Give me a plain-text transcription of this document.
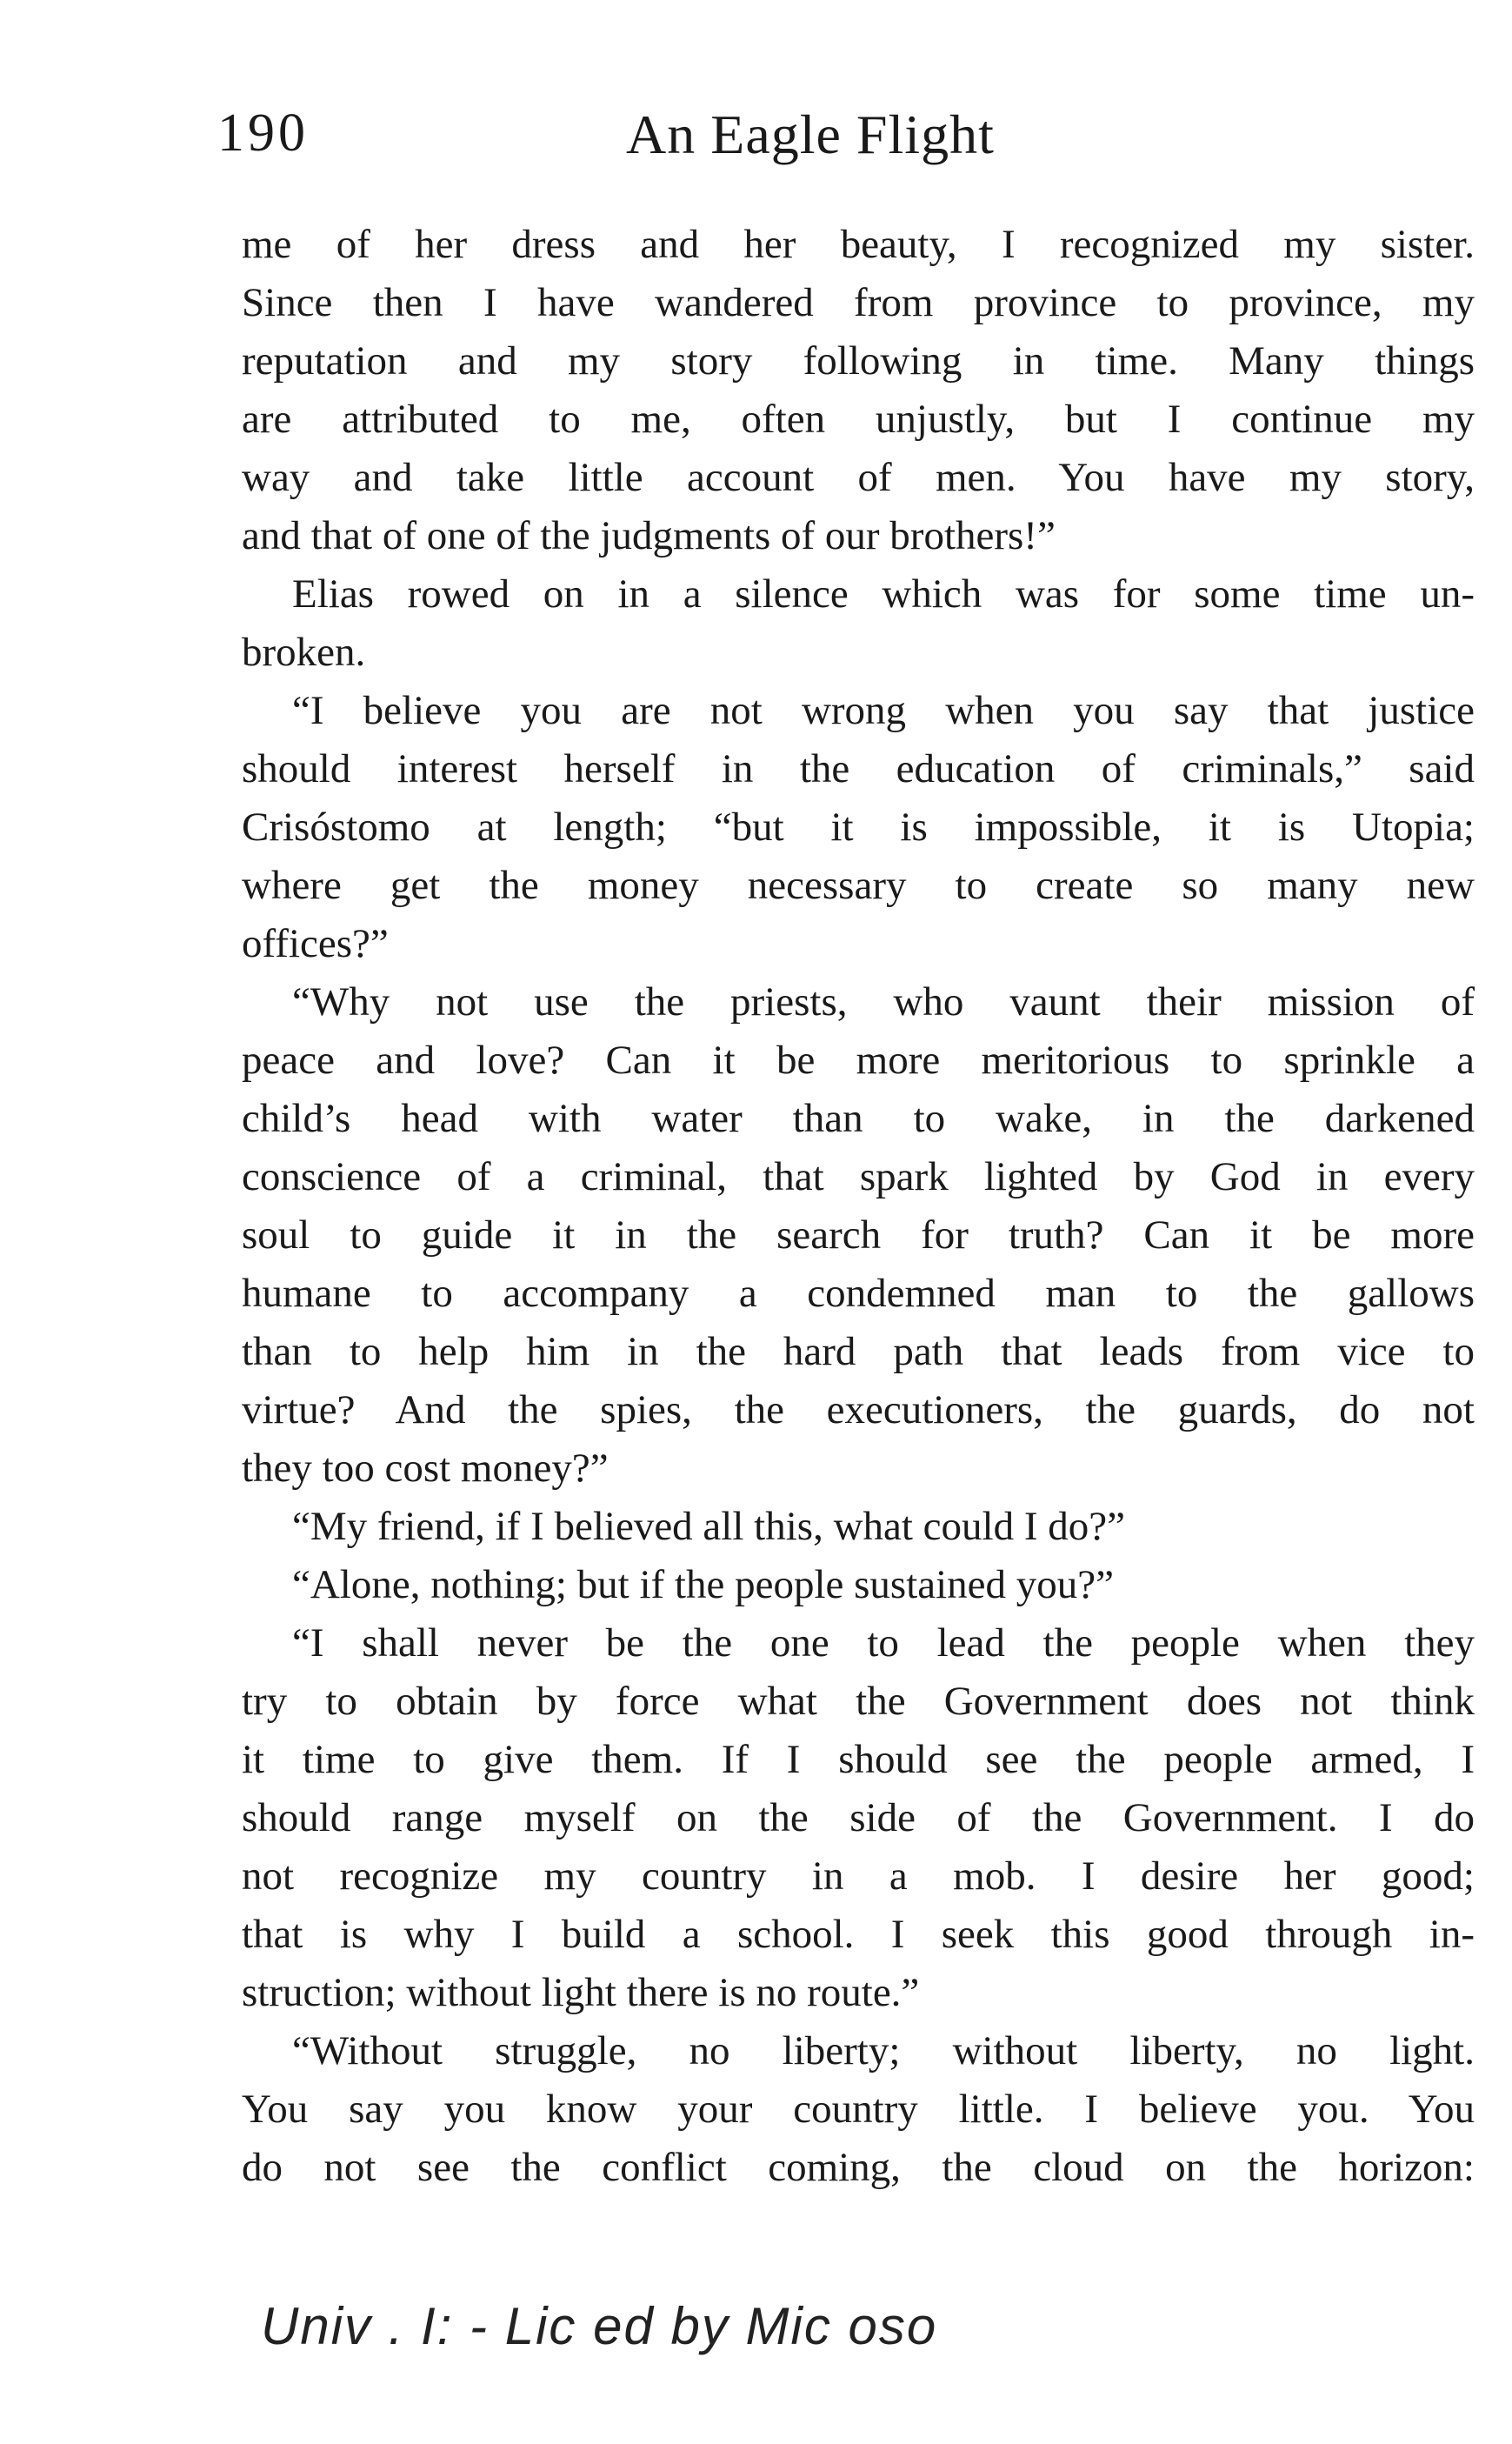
190	An Eagle Flight
me of her dress and her beauty, I recognized my sister.
Since then I have wandered from province to province, my
reputation and my story following in time. Many things
are attributed to me, often unjustly, but I continue my
way and take little account of men. You have my story,
and that of one of the judgments of our brothers!”
Elias rowed on in a silence which was for some time un-
broken.
“I believe you are not wrong when you say that justice
should interest herself in the education of criminals,” said
Crisóstomo at length; “but it is impossible, it is Utopia;
where get the money necessary to create so many new
offices?”
“Why not use the priests, who vaunt their mission of
peace and love? Can it be more meritorious to sprinkle a
child’s head with water than to wake, in the darkened
conscience of a criminal, that spark lighted by God in every
soul to guide it in the search for truth? Can it be more
humane to accompany a condemned man to the gallows
than to help him in the hard path that leads from vice to
virtue? And the spies, the executioners, the guards, do not
they too cost money?”
“My friend, if I believed all this, what could I do?”
“Alone, nothing; but if the people sustained you?”
“I shall never be the one to lead the people when they
try to obtain by force what the Government does not think
it time to give them. If I should see the people armed, I
should range myself on the side of the Government. I do
not recognize my country in a mob. I desire her good;
that is why I build a school. I seek this good through in-
struction; without light there is no route.”
“Without struggle, no liberty; without liberty, no light.
You say you know your country little. I believe you. You
do not see the conflict coming, the cloud on the horizon:
Univ . I: - Lic ed by Mic oso
